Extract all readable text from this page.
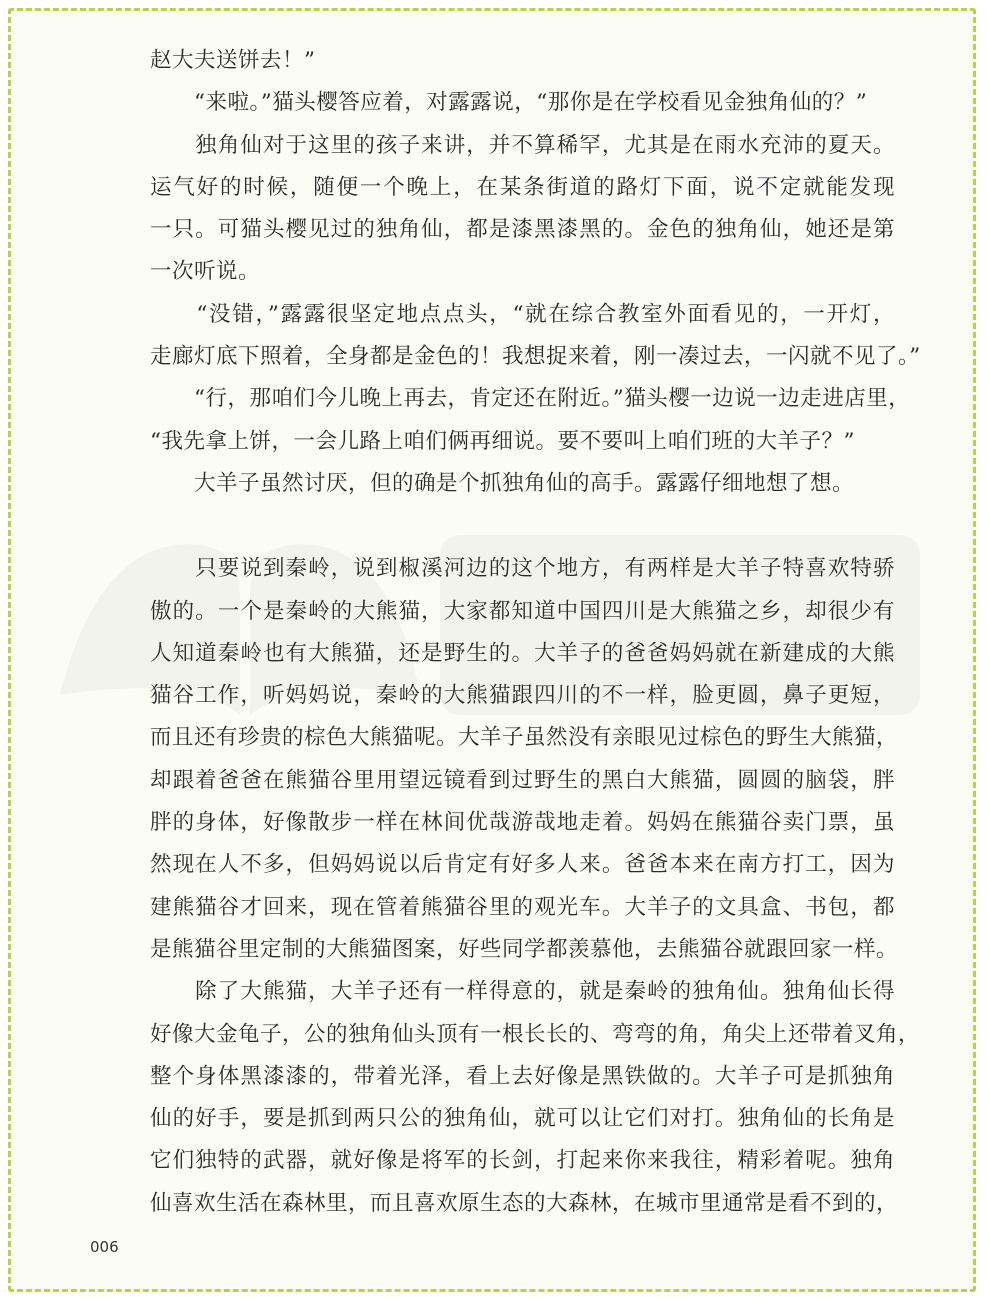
赵大夫送饼去！”
　　“来啦。”猫头樱答应着，对露露说，“那你是在学校看见金独角仙的？”
　　独角仙对于这里的孩子来讲，并不算稀罕，尤其是在雨水充沛的夏天。
运气好的时候，随便一个晚上，在某条街道的路灯下面，说不定就能发现
一只。可猫头樱见过的独角仙，都是漆黑漆黑的。金色的独角仙，她还是第
一次听说。
　　“没错，”露露很坚定地点点头，“就在综合教室外面看见的，一开灯，
走廊灯底下照着，全身都是金色的！我想捉来着，刚一凑过去，一闪就不见了。”
　　“行，那咱们今儿晚上再去，肯定还在附近。”猫头樱一边说一边走进店里，
“我先拿上饼，一会儿路上咱们俩再细说。要不要叫上咱们班的大羊子？”
　　大羊子虽然讨厌，但的确是个抓独角仙的高手。露露仔细地想了想。
　　只要说到秦岭，说到椒溪河边的这个地方，有两样是大羊子特喜欢特骄
傲的。一个是秦岭的大熊猫，大家都知道中国四川是大熊猫之乡，却很少有
人知道秦岭也有大熊猫，还是野生的。大羊子的爸爸妈妈就在新建成的大熊
猫谷工作，听妈妈说，秦岭的大熊猫跟四川的不一样，脸更圆，鼻子更短，
而且还有珍贵的棕色大熊猫呢。大羊子虽然没有亲眼见过棕色的野生大熊猫，
却跟着爸爸在熊猫谷里用望远镜看到过野生的黑白大熊猫，圆圆的脑袋，胖
胖的身体，好像散步一样在林间优哉游哉地走着。妈妈在熊猫谷卖门票，虽
然现在人不多，但妈妈说以后肯定有好多人来。爸爸本来在南方打工，因为
建熊猫谷才回来，现在管着熊猫谷里的观光车。大羊子的文具盒、书包，都
是熊猫谷里定制的大熊猫图案，好些同学都羡慕他，去熊猫谷就跟回家一样。
　　除了大熊猫，大羊子还有一样得意的，就是秦岭的独角仙。独角仙长得
好像大金龟子，公的独角仙头顶有一根长长的、弯弯的角，角尖上还带着叉角，
整个身体黑漆漆的，带着光泽，看上去好像是黑铁做的。大羊子可是抓独角
仙的好手，要是抓到两只公的独角仙，就可以让它们对打。独角仙的长角是
它们独特的武器，就好像是将军的长剑，打起来你来我往，精彩着呢。独角
仙喜欢生活在森林里，而且喜欢原生态的大森林，在城市里通常是看不到的，
006
